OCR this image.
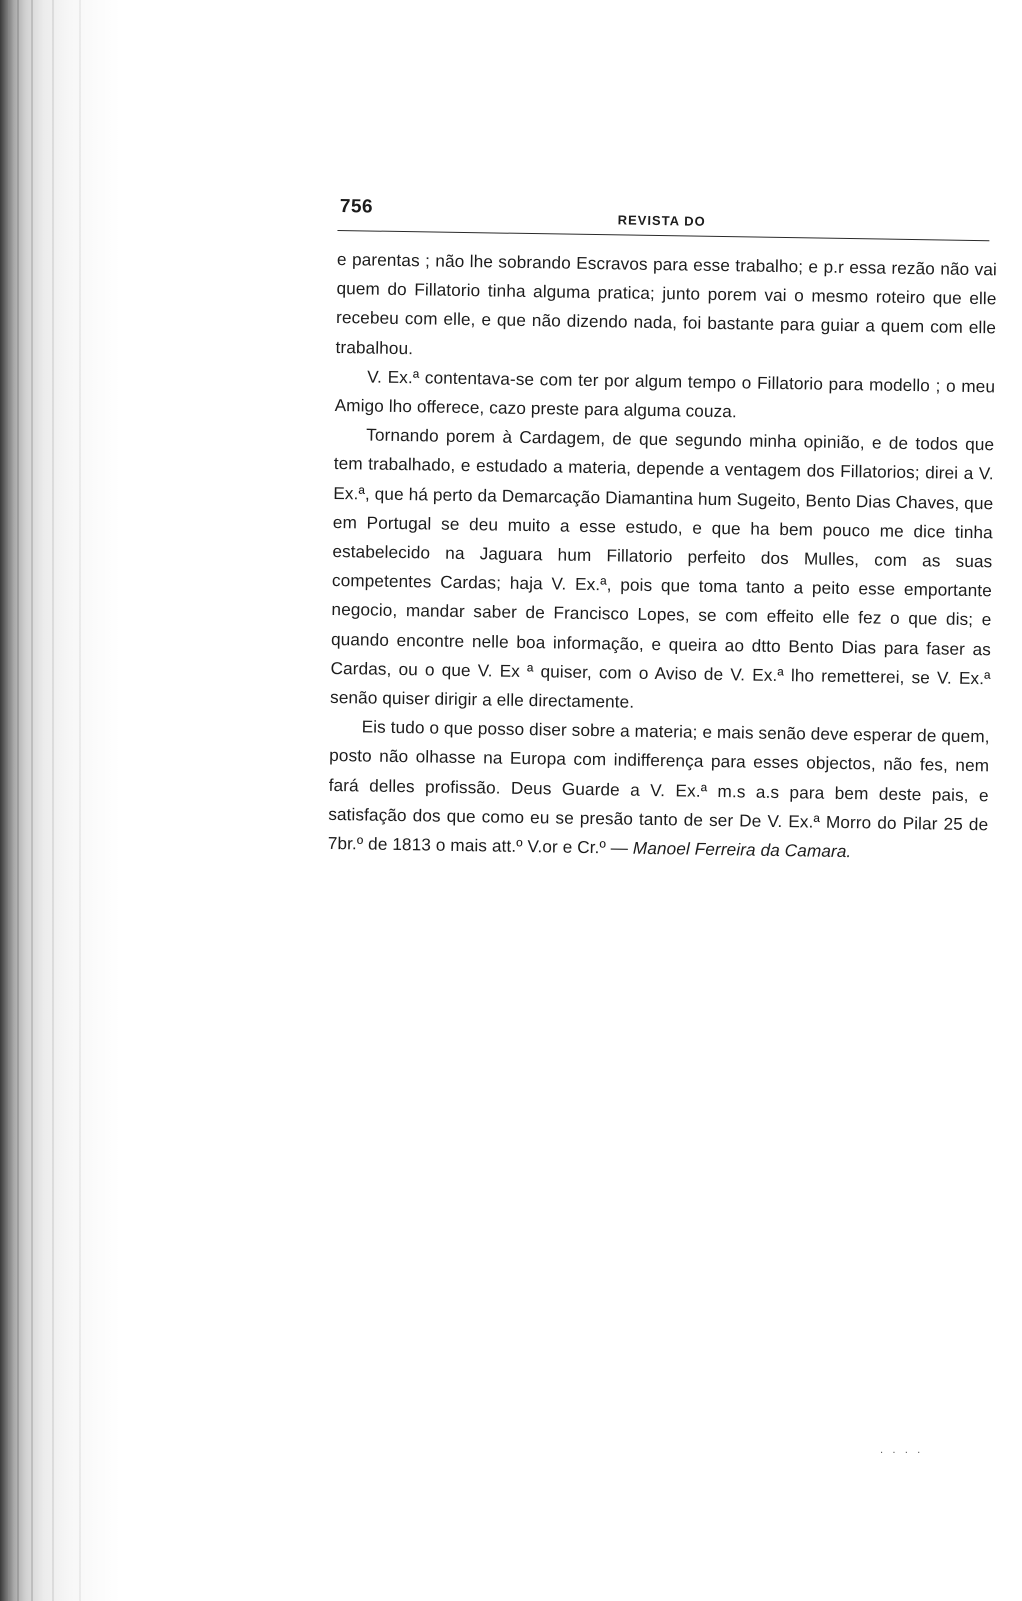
756
REVISTA DO

e parentas ; não lhe sobrando Escravos para esse trabalho; e p.r essa rezão não vai quem do Fillatorio tinha alguma pratica; junto porem vai o mesmo roteiro que elle recebeu com elle, e que não dizendo nada, foi bastante para guiar a quem com elle trabalhou.

V. Ex.ª contentava-se com ter por algum tempo o Fillatorio para modello ; o meu Amigo lho offerece, cazo preste para alguma couza.

Tornando porem à Cardagem, de que segundo minha opinião, e de todos que tem trabalhado, e estudado a materia, depende a ventagem dos Fillatorios; direi a V. Ex.ª, que há perto da Demarcação Diamantina hum Sugeito, Bento Dias Chaves, que em Portugal se deu muito a esse estudo, e que ha bem pouco me dice tinha estabelecido na Jaguara hum Fillatorio perfeito dos Mulles, com as suas competentes Cardas; haja V. Ex.ª, pois que toma tanto a peito esse emportante negocio, mandar saber de Francisco Lopes, se com effeito elle fez o que dis; e quando encontre nelle boa informação, e queira ao dtto Bento Dias para faser as Cardas, ou o que V. Ex ª quiser, com o Aviso de V. Ex.ª lho remetterei, se V. Ex.ª senão quiser dirigir a elle directamente.

Eis tudo o que posso diser sobre a materia; e mais senão deve esperar de quem, posto não olhasse na Europa com indifferença para esses objectos, não fes, nem fará delles profissão. Deus Guarde a V. Ex.ª m.s a.s para bem deste pais, e satisfação dos que como eu se presão tanto de ser De V. Ex.ª Morro do Pilar 25 de 7br.º de 1813 o mais att.º V.or e Cr.º — Manoel Ferreira da Camara.

· · · ·
